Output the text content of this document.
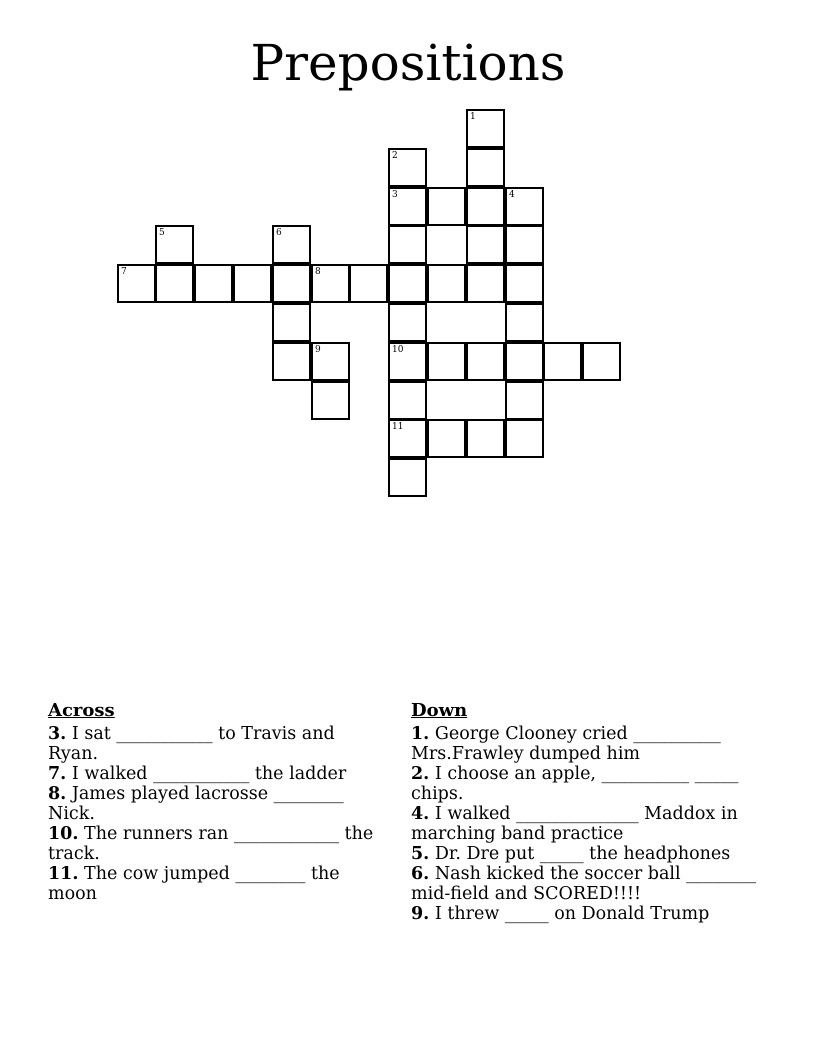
Prepositions
1
2
3	4
10
11
5	6
7	8
9
Across
3. I sat ___________ to Travis and Ryan.
7. I walked ___________ the ladder
8. James played lacrosse ________ Nick.
10. The runners ran ____________ the track.
11. The cow jumped ________ the moon
Down
1. George Clooney cried __________ Mrs.Frawley dumped him
2. I choose an apple, __________ _____ chips.
4. I walked ______________ Maddox in marching band practice
5. Dr. Dre put _____ the headphones
6. Nash kicked the soccer ball ________ mid-field and SCORED!!!!
9. I threw _____ on Donald Trump
